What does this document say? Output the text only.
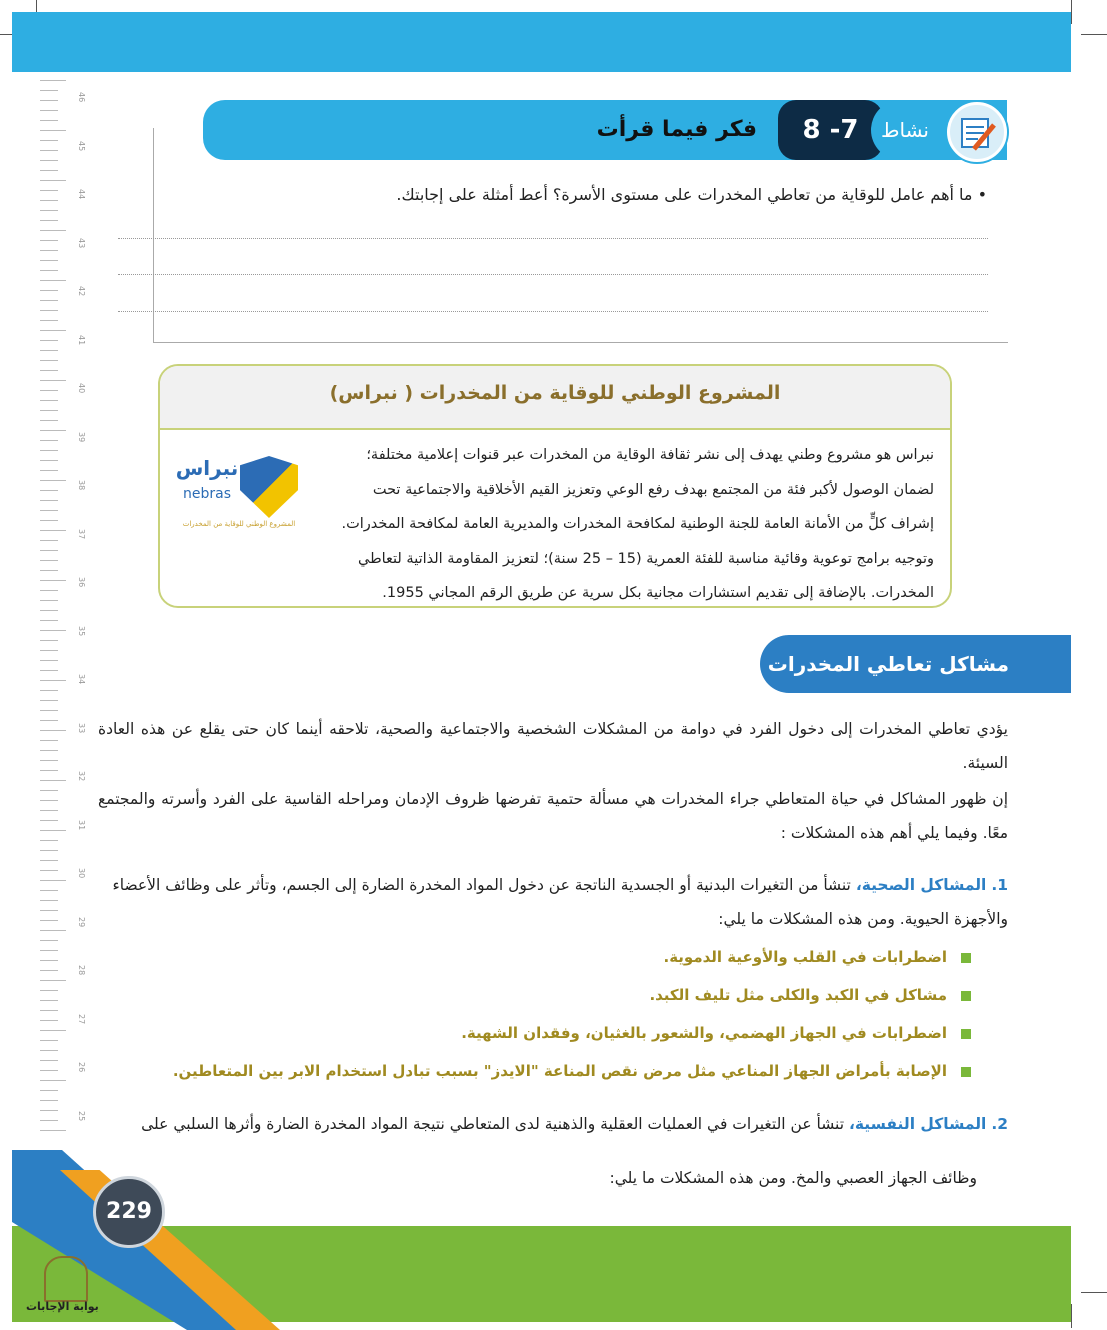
46
45
44
43
42
41
40
39
38
37
36
35
34
33
32
31
30
29
28
27
26
25
فكر فيما قرأت	8 -7	نشاط
• ما أهم عامل للوقاية من تعاطي المخدرات على مستوى الأسرة؟ أعط أمثلة على إجابتك.
المشروع الوطني للوقاية من المخدرات ( نبراس)
نبراس هو مشروع وطني يهدف إلى نشر ثقافة الوقاية من المخدرات عبر قنوات إعلامية مختلفة؛
لضمان الوصول لأكبر فئة من المجتمع بهدف رفع الوعي وتعزيز القيم الأخلاقية والاجتماعية تحت
إشراف كلٍّ من الأمانة العامة للجنة الوطنية لمكافحة المخدرات والمديرية العامة لمكافحة المخدرات.
وتوجيه برامج توعوية وقائية مناسبة للفئة العمرية (15 – 25 سنة)؛ لتعزيز المقاومة الذاتية لتعاطي
المخدرات. بالإضافة إلى تقديم استشارات مجانية بكل سرية عن طريق الرقم المجاني 1955.
نبراس
nebras
المشروع الوطني للوقاية من المخدرات
مشاكل تعاطي المخدرات
يؤدي تعاطي المخدرات إلى دخول الفرد في دوامة من المشكلات الشخصية والاجتماعية والصحية، تلاحقه أينما كان حتى يقلع عن هذه العادة السيئة.
إن ظهور المشاكل في حياة المتعاطي جراء المخدرات هي مسألة حتمية تفرضها ظروف الإدمان ومراحله القاسية على الفرد وأسرته والمجتمع معًا. وفيما يلي أهم هذه المشكلات :
1. المشاكل الصحية، تنشأ من التغيرات البدنية أو الجسدية الناتجة عن دخول المواد المخدرة الضارة إلى الجسم، وتأثر على وظائف الأعضاء والأجهزة الحيوية. ومن هذه المشكلات ما يلي:
اضطرابات في القلب والأوعية الدموية.
مشاكل في الكبد والكلى مثل تليف الكبد.
اضطرابات في الجهاز الهضمي، والشعور بالغثيان، وفقدان الشهية.
الإصابة بأمراض الجهاز المناعي مثل مرض نقص المناعة "الايدز" بسبب تبادل استخدام الابر بين المتعاطين.
2. المشاكل النفسية، تنشأ عن التغيرات في العمليات العقلية والذهنية لدى المتعاطي نتيجة المواد المخدرة الضارة وأثرها السلبي على
وظائف الجهاز العصبي والمخ. ومن هذه المشكلات ما يلي:
229
بوابة الإجابات
